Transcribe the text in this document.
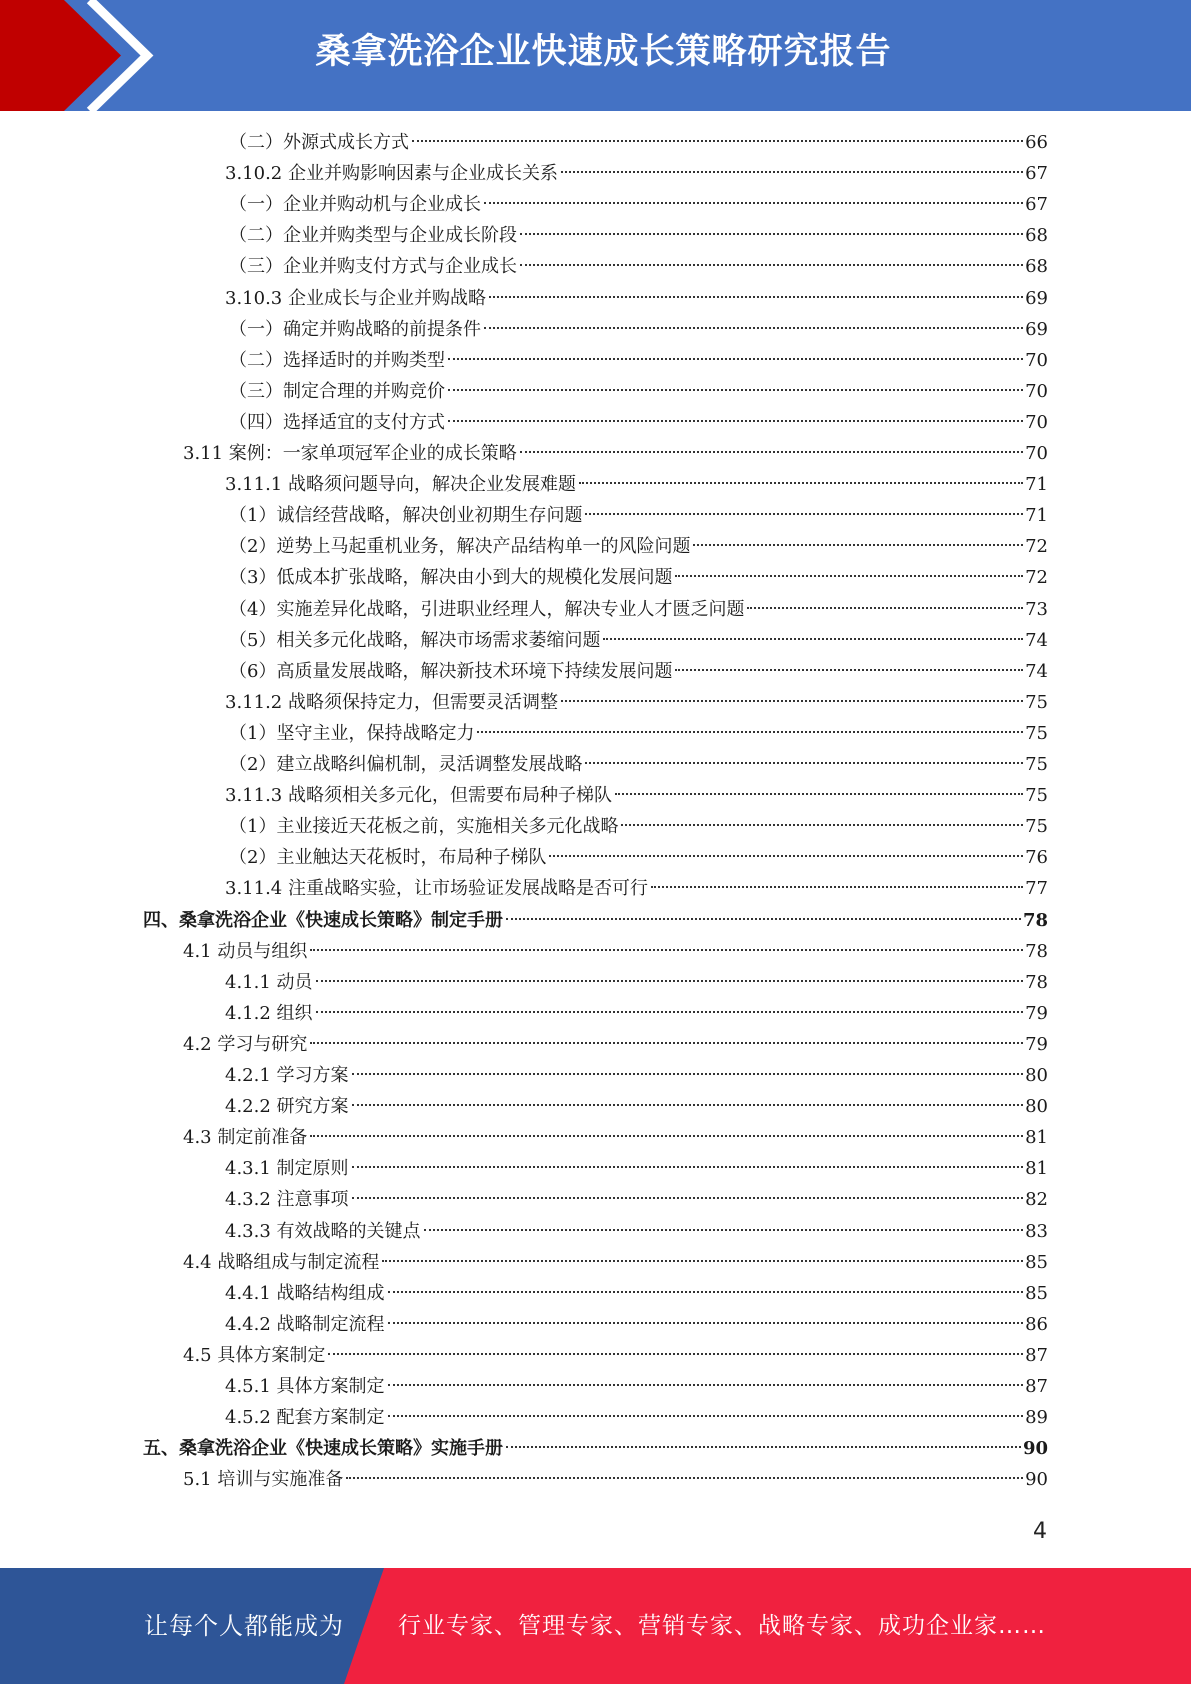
桑拿洗浴企业快速成长策略研究报告
（二）外源式成长方式	66
3.10.2 企业并购影响因素与企业成长关系	67
（一）企业并购动机与企业成长	67
（二）企业并购类型与企业成长阶段	68
（三）企业并购支付方式与企业成长	68
3.10.3 企业成长与企业并购战略	69
（一）确定并购战略的前提条件	69
（二）选择适时的并购类型	70
（三）制定合理的并购竞价	70
（四）选择适宜的支付方式	70
3.11 案例：一家单项冠军企业的成长策略	70
3.11.1 战略须问题导向，解决企业发展难题	71
（1）诚信经营战略，解决创业初期生存问题	71
（2）逆势上马起重机业务，解决产品结构单一的风险问题	72
（3）低成本扩张战略，解决由小到大的规模化发展问题	72
（4）实施差异化战略，引进职业经理人，解决专业人才匮乏问题	73
（5）相关多元化战略，解决市场需求萎缩问题	74
（6）高质量发展战略，解决新技术环境下持续发展问题	74
3.11.2 战略须保持定力，但需要灵活调整	75
（1）坚守主业，保持战略定力	75
（2）建立战略纠偏机制，灵活调整发展战略	75
3.11.3 战略须相关多元化，但需要布局种子梯队	75
（1）主业接近天花板之前，实施相关多元化战略	75
（2）主业触达天花板时，布局种子梯队	76
3.11.4 注重战略实验，让市场验证发展战略是否可行	77
四、桑拿洗浴企业《快速成长策略》制定手册	78
4.1 动员与组织	78
4.1.1 动员	78
4.1.2 组织	79
4.2 学习与研究	79
4.2.1 学习方案	80
4.2.2 研究方案	80
4.3 制定前准备	81
4.3.1 制定原则	81
4.3.2 注意事项	82
4.3.3 有效战略的关键点	83
4.4 战略组成与制定流程	85
4.4.1 战略结构组成	85
4.4.2 战略制定流程	86
4.5 具体方案制定	87
4.5.1 具体方案制定	87
4.5.2 配套方案制定	89
五、桑拿洗浴企业《快速成长策略》实施手册	90
5.1 培训与实施准备	90
4
让每个人都能成为 行业专家、管理专家、营销专家、战略专家、成功企业家……
